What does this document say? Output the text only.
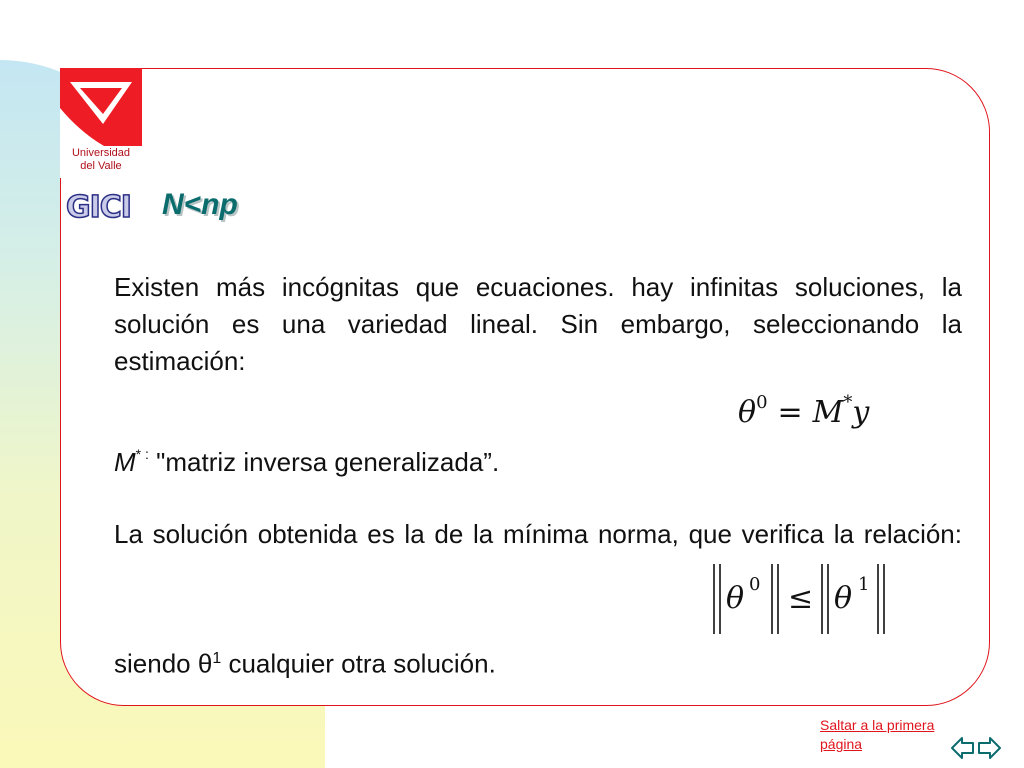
Universidad
del Valle
GICI N<np
Existen más incógnitas que ecuaciones. hay infinitas soluciones, la solución es una variedad lineal. Sin embargo, seleccionando la estimación:
$\theta^0 = M^*y$
M* : "matriz inversa generalizada”.
La solución obtenida es la de la mínima norma, que verifica la relación:
θ 0 ≤ θ 1
siendo $\theta^1$ cualquier otra solución.
Saltar a la primera
página
